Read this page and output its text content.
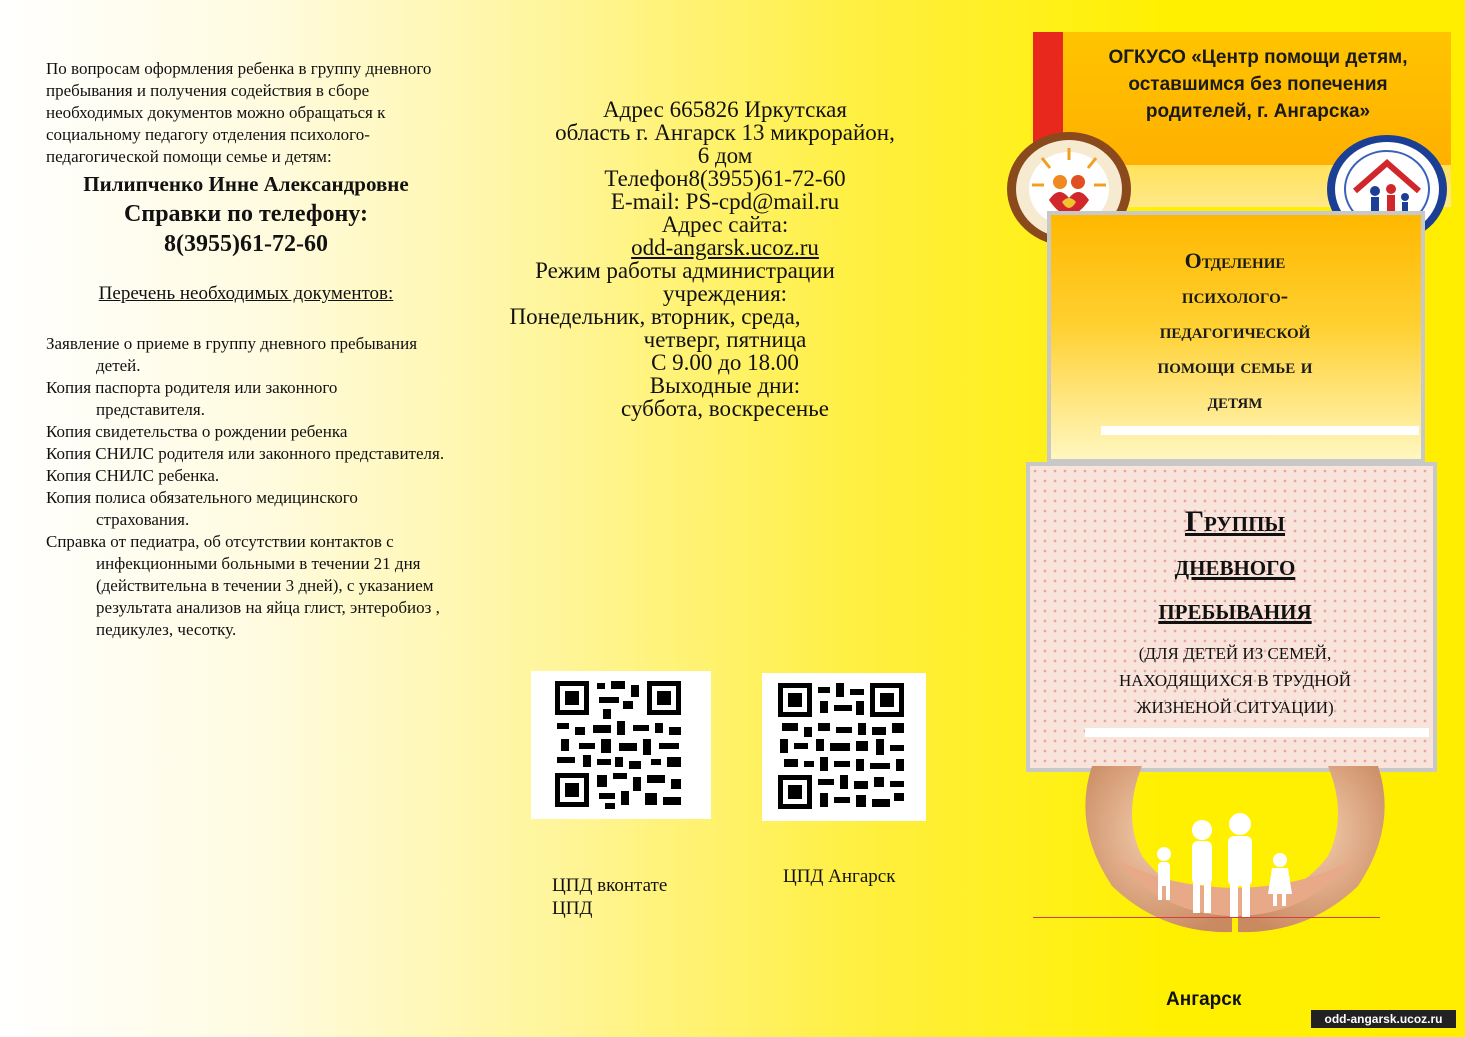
По вопросам оформления ребенка в группу дневного пребывания и получения содействия в сборе необходимых документов можно обращаться к социальному педагогу отделения психолого-педагогической помощи семье и детям:

Пилипченко Инне Александровне
Справки по телефону:
8(3955)61-72-60
Перечень необходимых документов:
Заявление о приеме в группу дневного пребывания детей.
Копия паспорта родителя или законного представителя.
Копия свидетельства о рождении ребенка
Копия СНИЛС родителя или законного представителя.
Копия СНИЛС ребенка.
Копия полиса обязательного медицинского страхования.
Справка от педиатра, об отсутствии контактов с инфекционными больными в течении 21 дня (действительна в течении 3 дней), с указанием результата анализов на яйца глист, энтеробиоз , педикулез, чесотку.
Адрес 665826 Иркутская
область г. Ангарск 13 микрорайон,
6 дом
Телефон8(3955)61-72-60
E-mail: PS-cpd@mail.ru
Адрес сайта:
odd-angarsk.ucoz.ru
Режим работы администрации
учреждения:
Понедельник, вторник, среда,
четверг, пятница
С 9.00 до 18.00
Выходные дни:
суббота, воскресенье
ЦПД вконтате
ЦПД
ЦПД Ангарск
ОГКУСО «Центр помощи детям, оставшимся без попечения родителей, г. Ангарска»
Отделение
психолого-
педагогической
помощи семье и
детям
Группы
дневного
пребывания
(ДЛЯ ДЕТЕЙ ИЗ СЕМЕЙ, НАХОДЯЩИХСЯ В ТРУДНОЙ ЖИЗНЕНОЙ СИТУАЦИИ)
Ангарск
odd-angarsk.ucoz.ru
